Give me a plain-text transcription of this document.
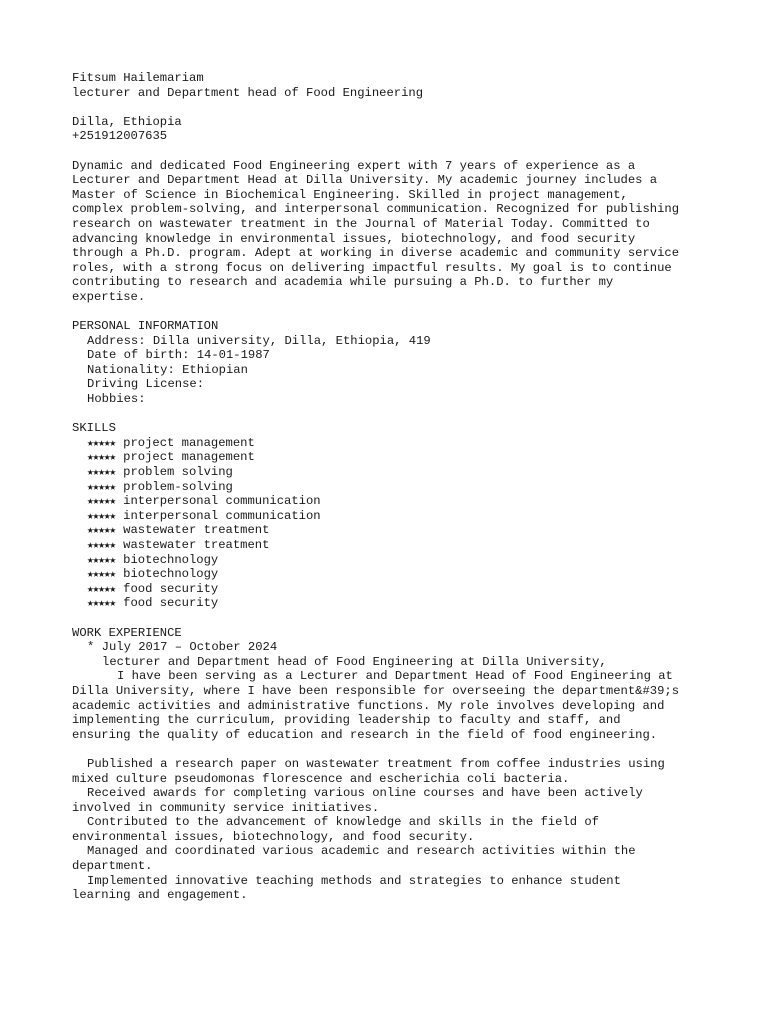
Fitsum Hailemariam
lecturer and Department head of Food Engineering
Dilla, Ethiopia
+251912007635
Dynamic and dedicated Food Engineering expert with 7 years of experience as a
Lecturer and Department Head at Dilla University. My academic journey includes a
Master of Science in Biochemical Engineering. Skilled in project management,
complex problem-solving, and interpersonal communication. Recognized for publishing
research on wastewater treatment in the Journal of Material Today. Committed to
advancing knowledge in environmental issues, biotechnology, and food security
through a Ph.D. program. Adept at working in diverse academic and community service
roles, with a strong focus on delivering impactful results. My goal is to continue
contributing to research and academia while pursuing a Ph.D. to further my
expertise.
PERSONAL INFORMATION
Address: Dilla university, Dilla, Ethiopia, 419
Date of birth: 14-01-1987
Nationality: Ethiopian
Driving License:
Hobbies:
SKILLS
★★★★★ project management
★★★★★ project management
★★★★★ problem solving
★★★★★ problem-solving
★★★★★ interpersonal communication
★★★★★ interpersonal communication
★★★★★ wastewater treatment
★★★★★ wastewater treatment
★★★★★ biotechnology
★★★★★ biotechnology
★★★★★ food security
★★★★★ food security
WORK EXPERIENCE
* July 2017 – October 2024
lecturer and Department head of Food Engineering at Dilla University,
I have been serving as a Lecturer and Department Head of Food Engineering at
Dilla University, where I have been responsible for overseeing the department&#39;s
academic activities and administrative functions. My role involves developing and
implementing the curriculum, providing leadership to faculty and staff, and
ensuring the quality of education and research in the field of food engineering.
Published a research paper on wastewater treatment from coffee industries using
mixed culture pseudomonas florescence and escherichia coli bacteria.
Received awards for completing various online courses and have been actively
involved in community service initiatives.
Contributed to the advancement of knowledge and skills in the field of
environmental issues, biotechnology, and food security.
Managed and coordinated various academic and research activities within the
department.
Implemented innovative teaching methods and strategies to enhance student
learning and engagement.
